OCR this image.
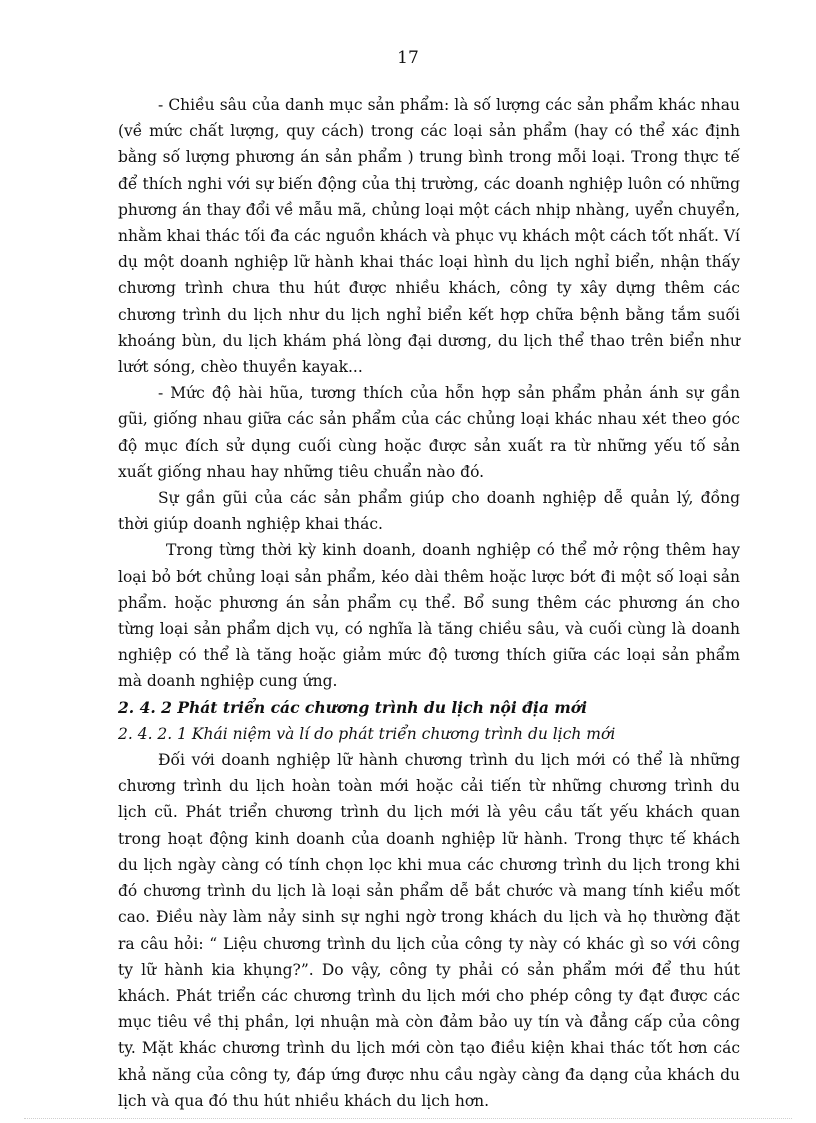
17

- Chiều sâu của danh mục sản phẩm: là số lượng các sản phẩm khác nhau (về mức chất lượng, quy cách) trong các loại sản phẩm (hay có thể xác định bằng số lượng phương án sản phẩm ) trung bình trong mỗi loại. Trong thực tế để thích nghi với sự biến động của thị trường, các doanh nghiệp luôn có những phương án thay đổi về mẫu mã, chủng loại một cách nhịp nhàng, uyển chuyển, nhằm khai thác tối đa các nguồn khách và phục vụ khách một cách tốt nhất. Ví dụ một doanh nghiệp lữ hành khai thác loại hình du lịch nghỉ biển, nhận thấy chương trình chưa thu hút được nhiều khách, công ty xây dựng thêm các chương trình du lịch như du lịch nghỉ biển kết hợp chữa bệnh bằng tắm suối khoáng bùn, du lịch khám phá lòng đại dương, du lịch thể thao trên biển như lướt sóng, chèo thuyền kayak...

- Mức độ hài hũa, tương thích của hỗn hợp sản phẩm phản ánh sự gần gũi, giống nhau giữa các sản phẩm của các chủng loại khác nhau xét theo góc độ mục đích sử dụng cuối cùng hoặc được sản xuất ra từ những yếu tố sản xuất giống nhau hay những tiêu chuẩn nào đó.

Sự gần gũi của các sản phẩm giúp cho doanh nghiệp dễ quản lý, đồng thời giúp doanh nghiệp khai thác.

Trong từng thời kỳ kinh doanh, doanh nghiệp có thể mở rộng thêm hay loại bỏ bớt chủng loại sản phẩm, kéo dài thêm hoặc lược bớt đi một số loại sản phẩm. hoặc phương án sản phẩm cụ thể. Bổ sung thêm các phương án cho từng loại sản phẩm dịch vụ, có nghĩa là tăng chiều sâu, và cuối cùng là doanh nghiệp có thể là tăng hoặc giảm mức độ tương thích giữa các loại sản phẩm mà doanh nghiệp cung ứng.

2. 4. 2 Phát triển các chương trình du lịch nội địa mới
2. 4. 2. 1 Khái niệm và lí do phát triển chương trình du lịch mới

Đối với doanh nghiệp lữ hành chương trình du lịch mới có thể là những chương trình du lịch hoàn toàn mới hoặc cải tiến từ những chương trình du lịch cũ. Phát triển chương trình du lịch mới là yêu cầu tất yếu khách quan trong hoạt động kinh doanh của doanh nghiệp lữ hành. Trong thực tế khách du lịch ngày càng có tính chọn lọc khi mua các chương trình du lịch trong khi đó chương trình du lịch là loại sản phẩm dễ bắt chước và mang tính kiểu mốt cao. Điều này làm nảy sinh sự nghi ngờ trong khách du lịch và họ thường đặt ra câu hỏi: “ Liệu chương trình du lịch của công ty này có khác gì so với công ty lữ hành kia khụng?”. Do vậy, công ty phải có sản phẩm mới để thu hút khách. Phát triển các chương trình du lịch mới cho phép công ty đạt được các mục tiêu về thị phần, lợi nhuận mà còn đảm bảo uy tín và đẳng cấp của công ty. Mặt khác chương trình du lịch mới còn tạo điều kiện khai thác tốt hơn các khả năng của công ty, đáp ứng được nhu cầu ngày càng đa dạng của khách du lịch và qua đó thu hút nhiều khách du lịch hơn.
